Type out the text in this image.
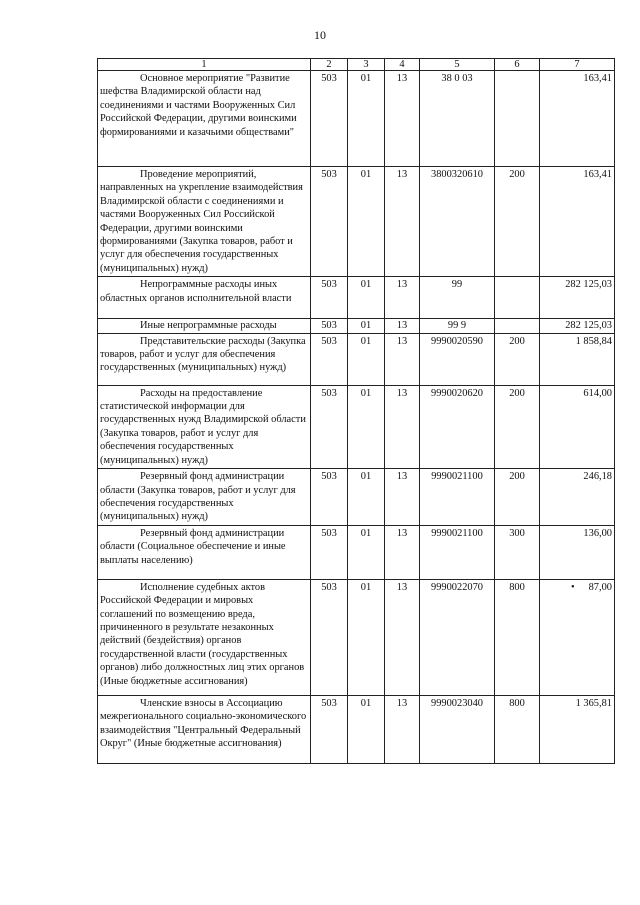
10
1	2	3	4	5	6	7
Основное мероприятие "Развитие шефства Владимирской области над соединениями и частями Вооруженных Сил Российской Федерации, другими воинскими формированиями и казачьими обществами"	503	01	13	38 0 03		163,41
Проведение мероприятий, направленных на укрепление взаимодействия Владимирской области с соединениями и частями Вооруженных Сил Российской Федерации, другими воинскими формированиями (Закупка товаров, работ и услуг для обеспечения государственных (муниципальных) нужд)	503	01	13	3800320610	200	163,41
Непрограммные расходы иных областных органов исполнительной власти	503	01	13	99		282 125,03
Иные непрограммные расходы	503	01	13	99 9		282 125,03
Представительские расходы (Закупка товаров, работ и услуг для обеспечения государственных (муниципальных) нужд)	503	01	13	9990020590	200	1 858,84
Расходы на предоставление статистической информации для государственных нужд Владимирской области (Закупка товаров, работ и услуг для обеспечения государственных (муниципальных) нужд)	503	01	13	9990020620	200	614,00
Резервный фонд администрации области (Закупка товаров, работ и услуг для обеспечения государственных (муниципальных) нужд)	503	01	13	9990021100	200	246,18
Резервный фонд администрации области (Социальное обеспечение и иные выплаты населению)	503	01	13	9990021100	300	136,00
Исполнение судебных актов Российской Федерации и мировых соглашений по возмещению вреда, причиненного в результате незаконных действий (бездействия) органов государственной власти (государственных органов) либо должностных лиц этих органов (Иные бюджетные ассигнования)	503	01	13	9990022070	800	• 87,00
Членские взносы в Ассоциацию межрегионального социально-экономического взаимодействия "Центральный Федеральный Округ" (Иные бюджетные ассигнования)	503	01	13	9990023040	800	1 365,81
